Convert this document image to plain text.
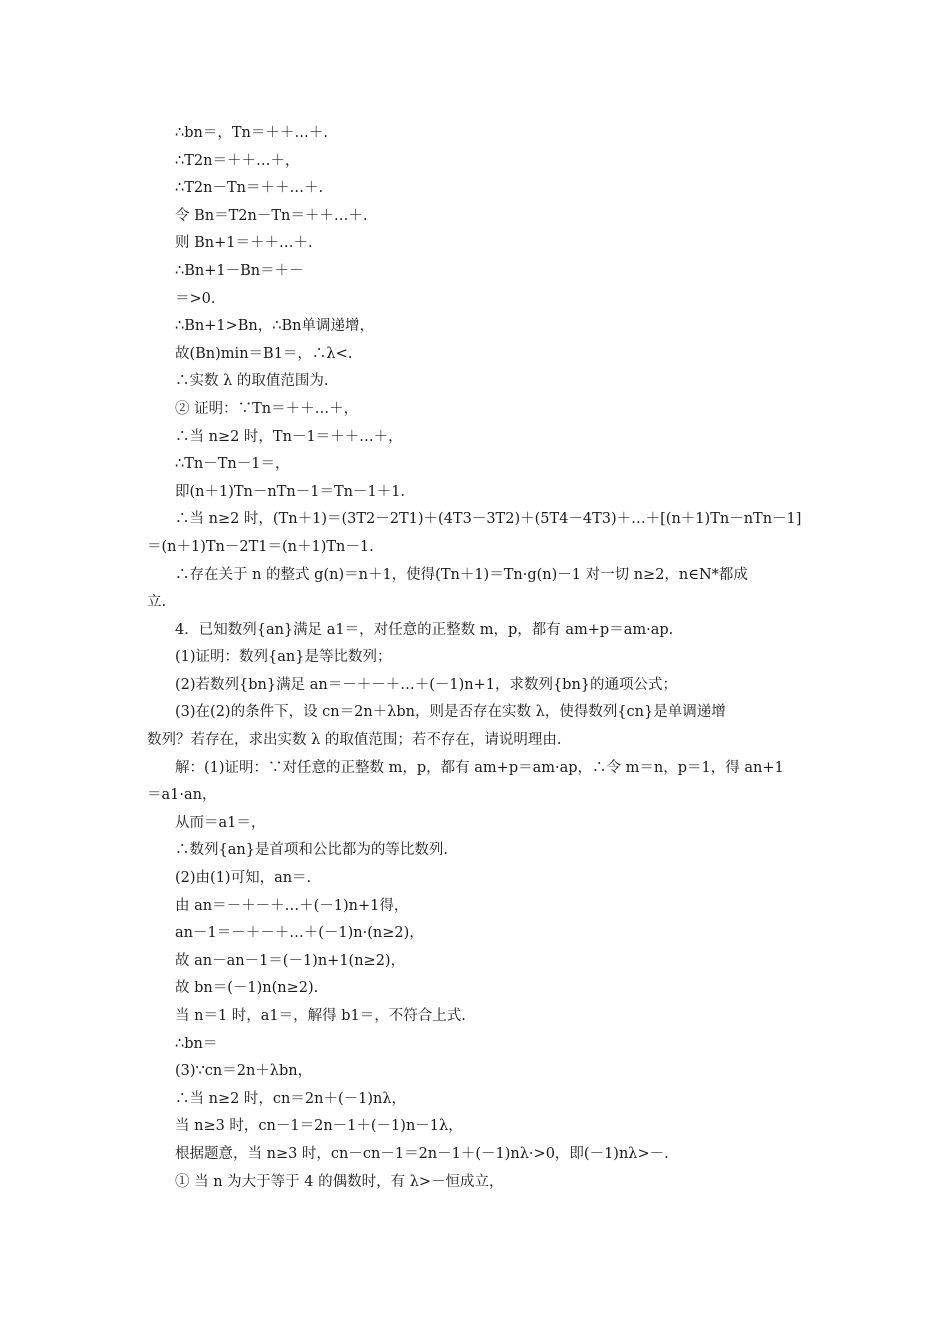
∴bn＝，Tn＝＋＋…＋.
∴T2n＝＋＋…＋，
∴T2n－Tn＝＋＋…＋.
令 Bn＝T2n－Tn＝＋＋…＋.
则 Bn+1＝＋＋…＋.
∴Bn+1－Bn＝＋－
＝>0.
∴Bn+1>Bn，∴Bn单调递增，
故(Bn)min＝B1＝，∴λ<.
∴实数 λ 的取值范围为.
② 证明：∵Tn＝＋＋…＋，
∴当 n≥2 时，Tn－1＝＋＋…＋，
∴Tn－Tn－1＝，
即(n＋1)Tn－nTn－1＝Tn－1＋1.
∴当 n≥2 时，(Tn＋1)＝(3T2－2T1)＋(4T3－3T2)＋(5T4－4T3)＋…＋[(n＋1)Tn－nTn－1]
＝(n＋1)Tn－2T1＝(n＋1)Tn－1.
∴存在关于 n 的整式 g(n)＝n＋1，使得(Tn＋1)＝Tn·g(n)－1 对一切 n≥2，n∈N*都成
立.
4．已知数列{an}满足 a1＝，对任意的正整数 m，p，都有 am+p＝am·ap.
(1)证明：数列{an}是等比数列；
(2)若数列{bn}满足 an＝－＋－＋…＋(－1)n+1，求数列{bn}的通项公式；
(3)在(2)的条件下，设 cn＝2n＋λbn，则是否存在实数 λ，使得数列{cn}是单调递增
数列？若存在，求出实数 λ 的取值范围；若不存在，请说明理由.
解：(1)证明：∵对任意的正整数 m，p，都有 am+p＝am·ap，∴令 m＝n，p＝1，得 an+1
＝a1·an，
从而＝a1＝，
∴数列{an}是首项和公比都为的等比数列.
(2)由(1)可知，an＝.
由 an＝－＋－＋…＋(－1)n+1得，
an－1＝－＋－＋…＋(－1)n·(n≥2)，
故 an－an－1＝(－1)n+1(n≥2)，
故 bn＝(－1)n(n≥2).
当 n＝1 时，a1＝，解得 b1＝，不符合上式.
∴bn＝
(3)∵cn＝2n＋λbn，
∴当 n≥2 时，cn＝2n＋(－1)nλ，
当 n≥3 时，cn－1＝2n－1＋(－1)n－1λ，
根据题意，当 n≥3 时，cn－cn－1＝2n－1＋(－1)nλ·>0，即(－1)nλ>－.
① 当 n 为大于等于 4 的偶数时，有 λ>－恒成立，
